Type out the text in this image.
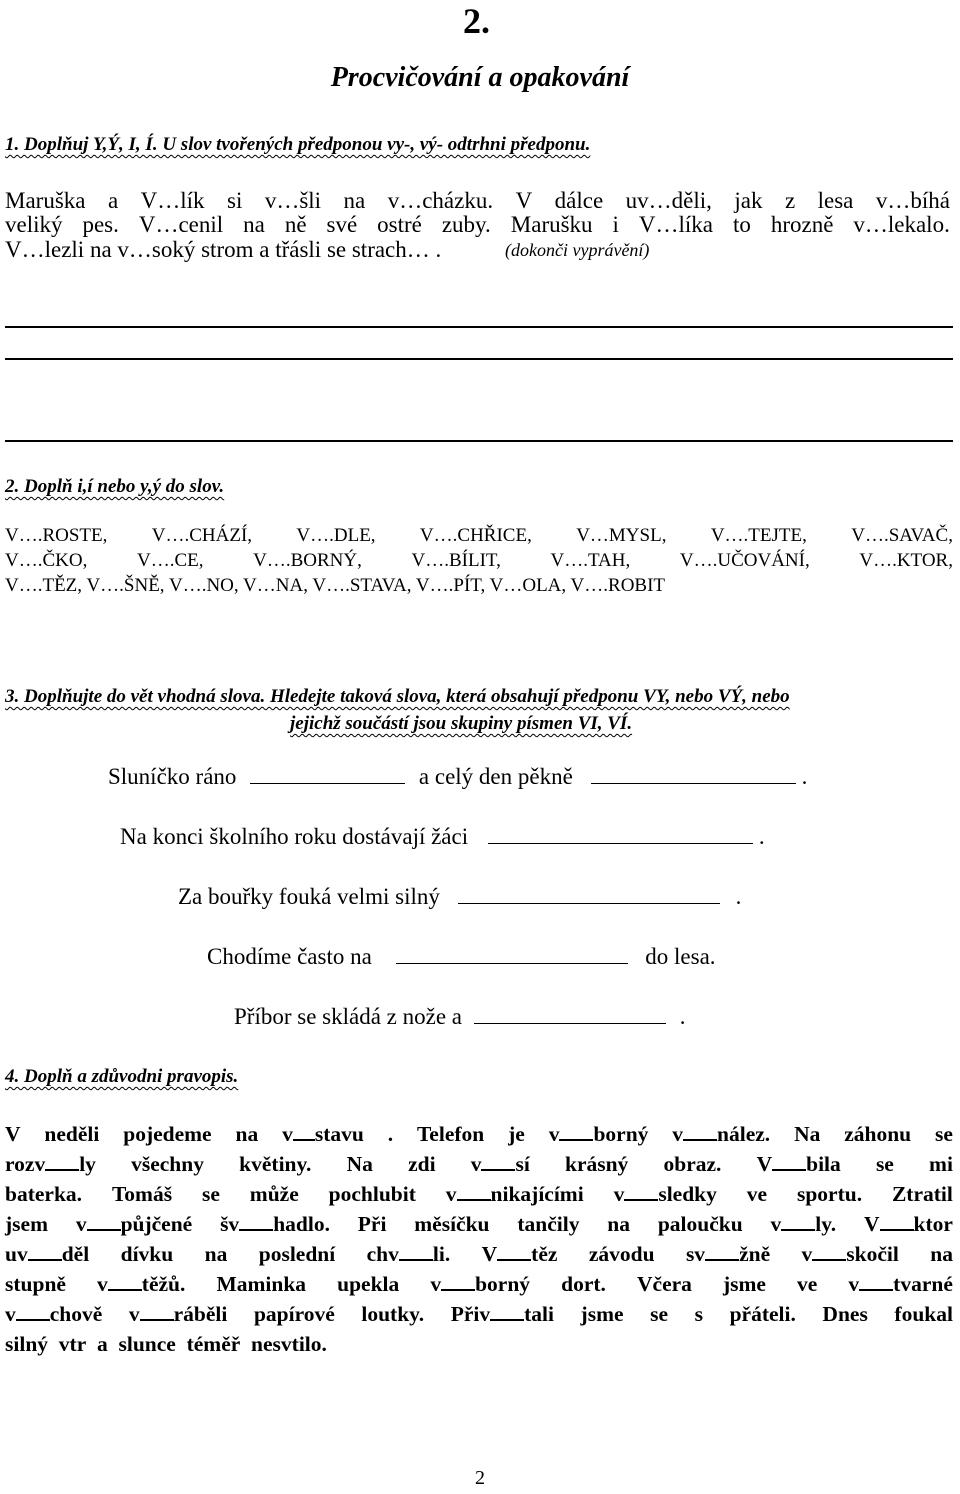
2.
Procvičování a opakování
1. Doplňuj Y,Ý, I, Í. U slov tvořených předponou vy-, vý- odtrhni předponu.
Maruška a V…lík si v…šli na v…cházku. V dálce uv…děli, jak z lesa v…bíhá
veliký pes. V…cenil na ně své ostré zuby. Marušku i V…líka to hrozně v…lekalo.
V…lezli na v…soký strom a třásli se strach… .	(dokonči vyprávění)
2. Doplň i,í nebo y,ý do slov.
V….ROSTE, V….CHÁZÍ, V….DLE, V….CHŘICE, V…MYSL, V….TEJTE, V….SAVAČ,
V….ČKO,	V….CE,	V….BORNÝ,	V….BÍLIT,	V….TAH,	V….UČOVÁNÍ,	V….KTOR,
V….TĚZ, V….ŠNĚ, V….NO, V…NA, V….STAVA, V….PÍT, V…OLA, V….ROBIT
3. Doplňujte do vět vhodná slova. Hledejte taková slova, která obsahují předponu VY, nebo VÝ, nebo
jejichž součástí jsou skupiny písmen VI, VÍ.
Sluníčko ráno	a celý den pěkně	.
Na konci školního roku dostávají žáci	.
Za bouřky fouká velmi silný	.
Chodíme často na	do lesa.
Příbor se skládá z nože a	.
4. Doplň a zdůvodni pravopis.
V neděli pojedeme na v stavu . Telefon je v borný v nález. Na záhonu se
rozv ly všechny květiny. Na zdi v sí krásný obraz. V bila se mi
baterka. Tomáš se může pochlubit v nikajícími v sledky ve sportu. Ztratil
jsem v půjčené šv hadlo. Při měsíčku tančily na paloučku v ly. V ktor
uv děl dívku na poslední chv li. V těz závodu sv žně v skočil na
stupně v těžů. Maminka upekla v borný dort. Včera jsme ve v tvarné
v chově v ráběli papírové loutky. Přiv tali jsme se s přáteli. Dnes foukal
silný vtr a slunce téměř nesvtilo.
2
